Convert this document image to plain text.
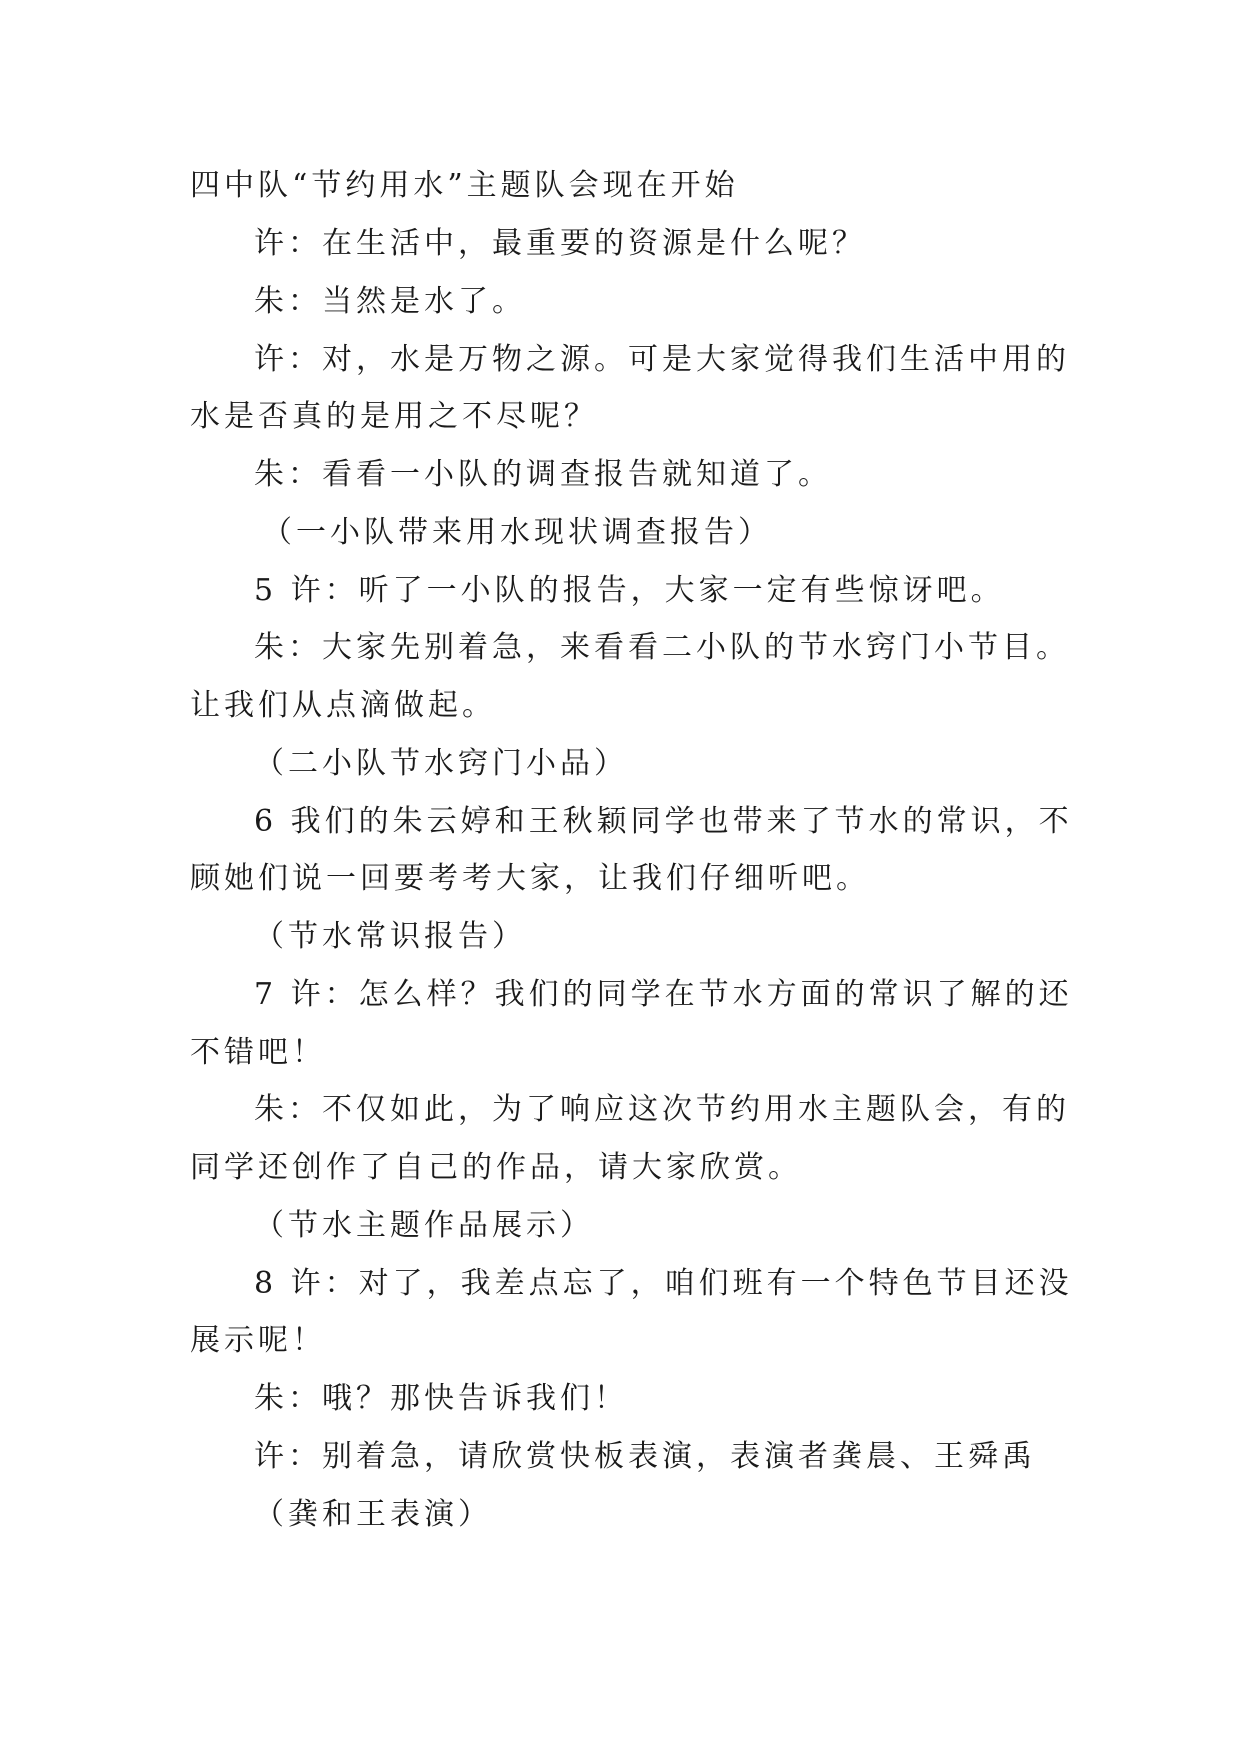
四中队“节约用水”主题队会现在开始
许：在生活中，最重要的资源是什么呢？
朱：当然是水了。
许：对，水是万物之源。可是大家觉得我们生活中用的
水是否真的是用之不尽呢？
朱：看看一小队的调查报告就知道了。
（一小队带来用水现状调查报告）
5 许：听了一小队的报告，大家一定有些惊讶吧。
朱：大家先别着急，来看看二小队的节水窍门小节目。
让我们从点滴做起。
（二小队节水窍门小品）
6 我们的朱云婷和王秋颖同学也带来了节水的常识，不
顾她们说一回要考考大家，让我们仔细听吧。
（节水常识报告）
7 许：怎么样？我们的同学在节水方面的常识了解的还
不错吧！
朱：不仅如此，为了响应这次节约用水主题队会，有的
同学还创作了自己的作品，请大家欣赏。
（节水主题作品展示）
8 许：对了，我差点忘了，咱们班有一个特色节目还没
展示呢！
朱：哦？那快告诉我们！
许：别着急，请欣赏快板表演，表演者龚晨、王舜禹
（龚和王表演）
